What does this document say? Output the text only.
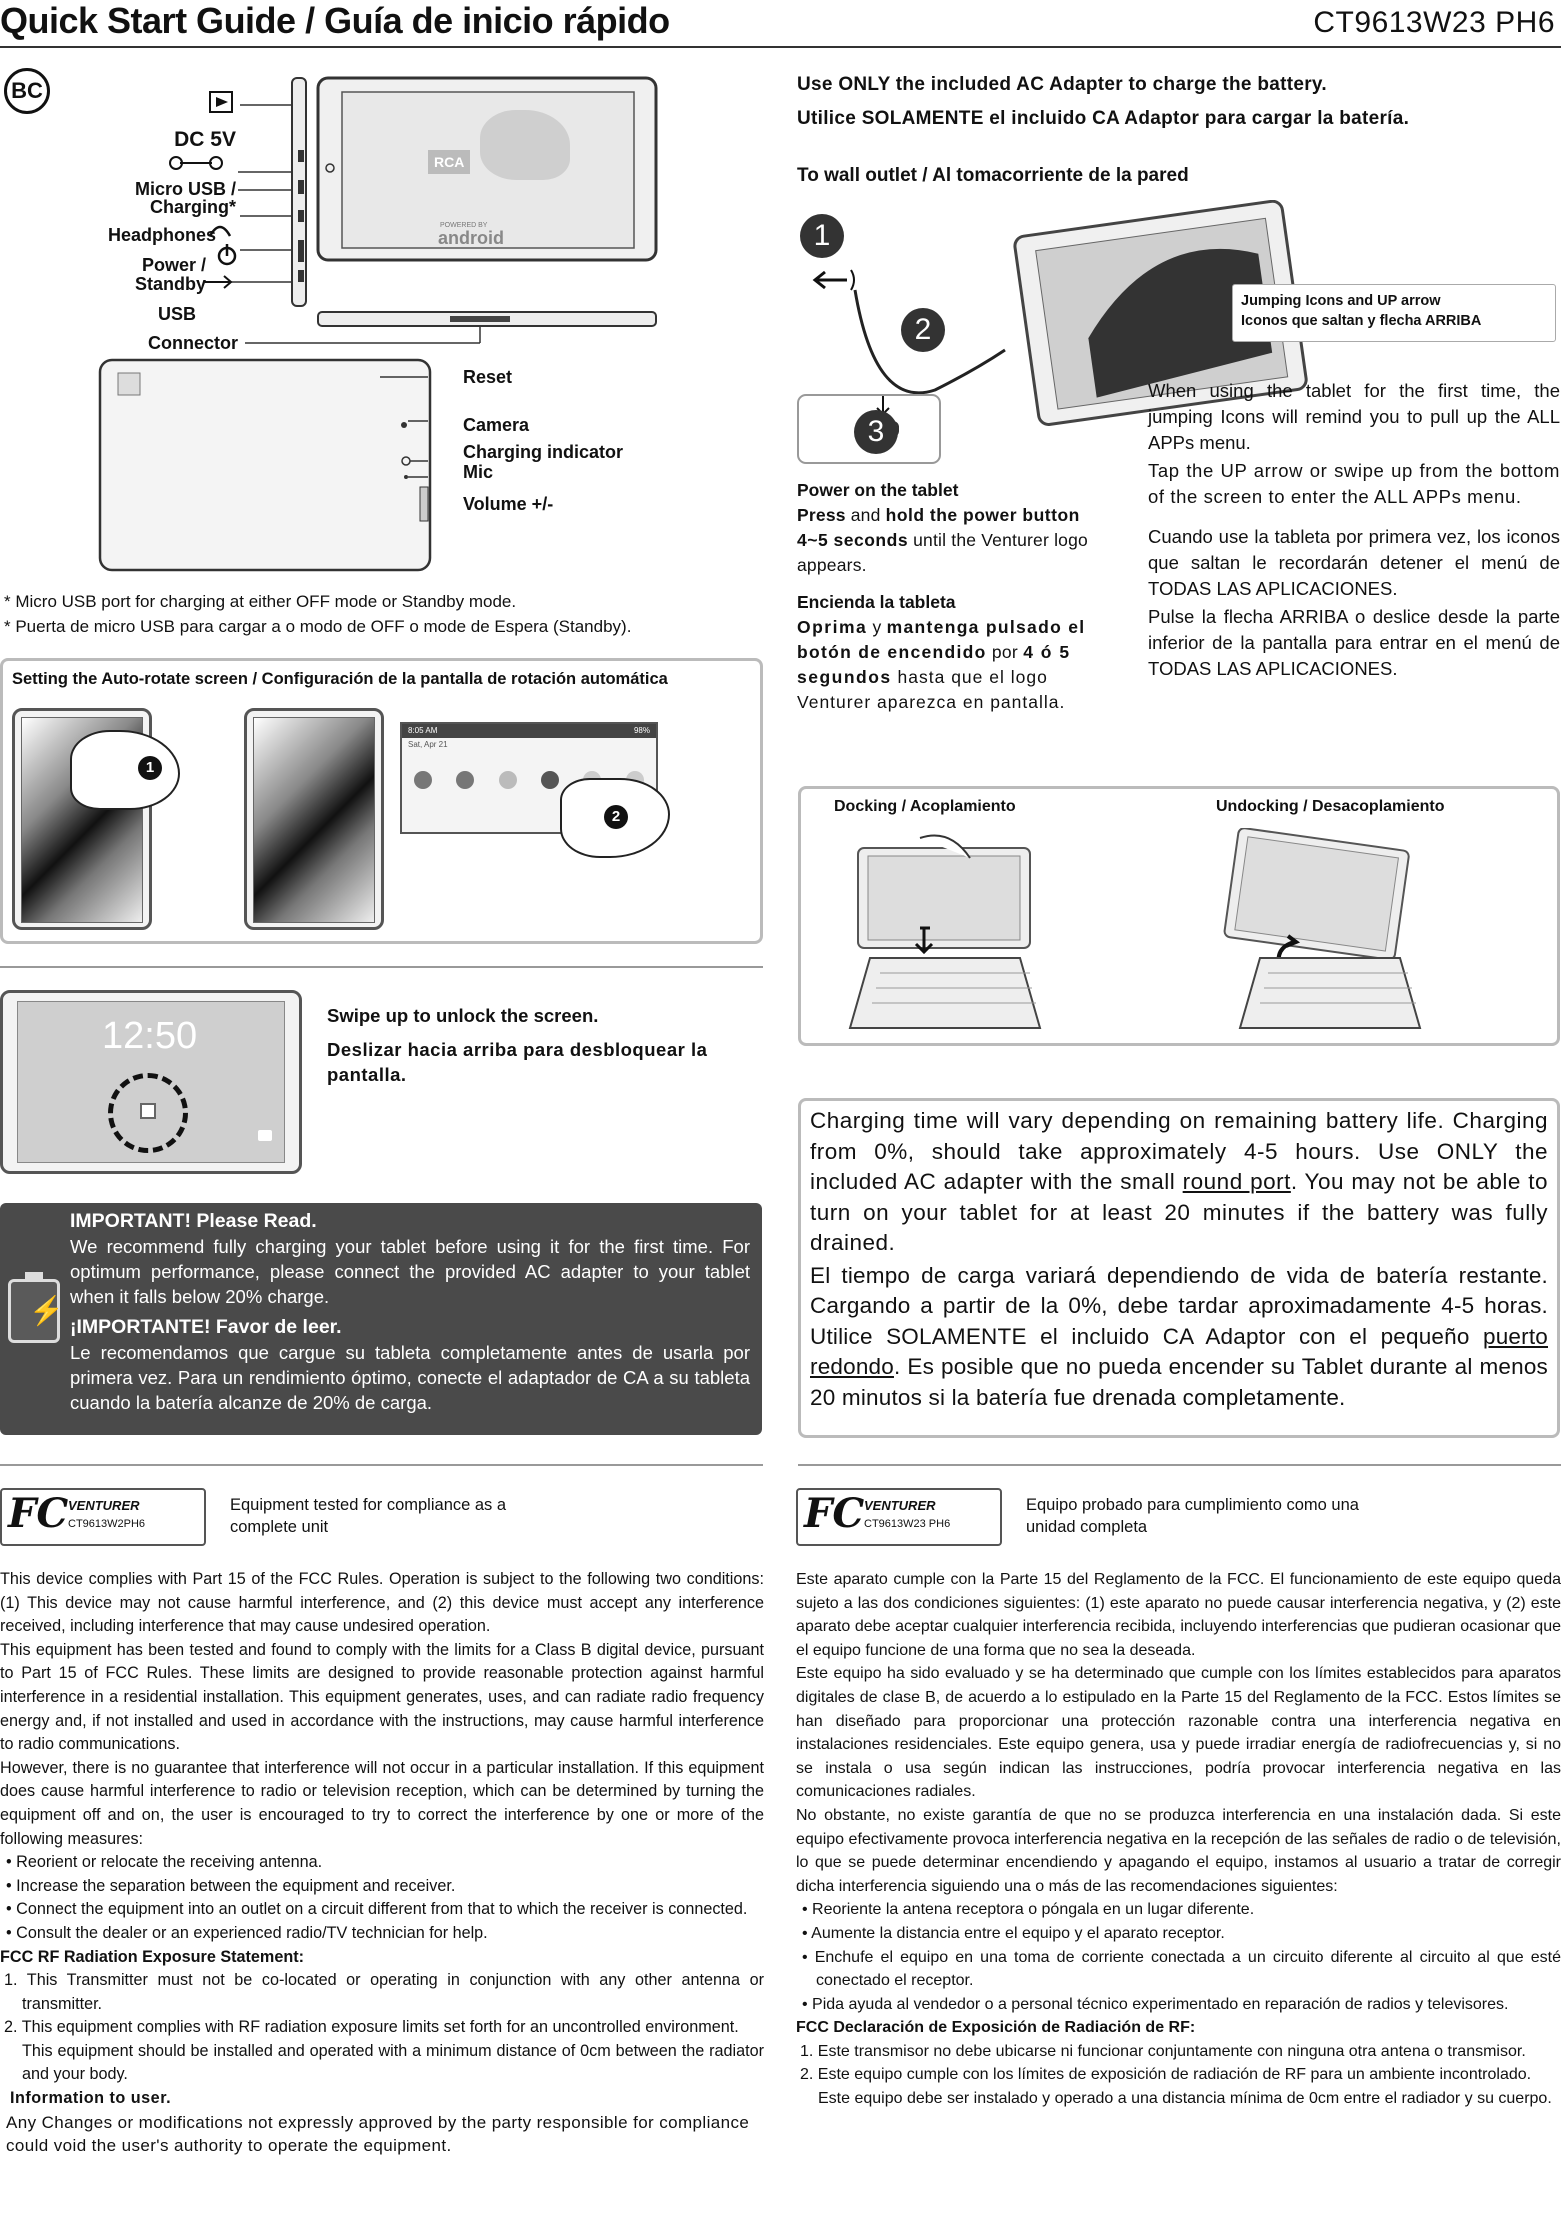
Quick Start Guide / Guía de inicio rápido	CT9613W23 PH6
BC
RCA
POWERED BY
android
DC 5V
Micro USB /
Charging*
Headphones
Power /
Standby
USB
Connector
Reset
Camera
Charging indicator
Mic
Volume +/-
* Micro USB port for charging at either OFF mode or Standby mode.
* Puerta de micro USB para cargar a o modo de OFF o mode de Espera (Standby).
Setting the Auto-rotate screen / Configuración de la pantalla de rotación automática
1
8:05 AM	98%
Sat, Apr 21
2
12:50	Swipe up to unlock the screen.
Deslizar hacia arriba para desbloquear la pantalla.
⚡
IMPORTANT! Please Read.
We recommend fully charging your tablet before using it for the first time. For optimum performance, please connect the provided AC adapter to your tablet when it falls below 20% charge.
¡IMPORTANTE! Favor de leer.
Le recomendamos que cargue su tableta completamente antes de usarla por primera vez. Para un rendimiento óptimo, conecte el adaptador de CA a su tableta cuando la batería alcanze de 20% de carga.
Use ONLY the included AC Adapter to charge the battery.
Utilice SOLAMENTE el incluido CA Adaptor para cargar la batería.
To wall outlet / Al tomacorriente de la pared
1
2
3
Jumping Icons and UP arrow
Iconos que saltan y flecha ARRIBA
Power on the tablet
Press and hold the power button 4~5 seconds until the Venturer logo appears.
Encienda la tableta
Oprima y mantenga pulsado el botón de encendido por 4 ó 5 segundos hasta que el logo Venturer aparezca en pantalla.
When using the tablet for the first time, the jumping Icons will remind you to pull up the ALL APPs menu.
Tap the UP arrow or swipe up from the bottom of the screen to enter the ALL APPs menu.
Cuando use la tableta por primera vez, los iconos que saltan le recordarán detener el menú de TODAS LAS APLICACIONES.
Pulse la flecha ARRIBA o deslice desde la parte inferior de la pantalla para entrar en el menú de TODAS LAS APLICACIONES.
Docking / Acoplamiento	Undocking / Desacoplamiento
Charging time will vary depending on remaining battery life. Charging from 0%, should take approximately 4-5 hours. Use ONLY the included AC adapter with the small round port. You may not be able to turn on your tablet for at least 20 minutes if the battery was fully drained.
El tiempo de carga variará dependiendo de vida de batería restante. Cargando a partir de la 0%, debe tardar aproximadamente 4-5 horas. Utilice SOLAMENTE el incluido CA Adaptor con el pequeño puerto redondo. Es posible que no pueda encender su Tablet durante al menos 20 minutos si la batería fue drenada completamente.
FC VENTURER
CT9613W2PH6
Equipment tested for compliance as a complete unit	FC VENTURER
CT9613W23 PH6
Equipo probado para cumplimiento como una unidad completa

This device complies with Part 15 of the FCC Rules. Operation is subject to the following two conditions: (1) This device may not cause harmful interference, and (2) this device must accept any interference received, including interference that may cause undesired operation.

This equipment has been tested and found to comply with the limits for a Class B digital device, pursuant to Part 15 of FCC Rules. These limits are designed to provide reasonable protection against harmful interference in a residential installation. This equipment generates, uses, and can radiate radio frequency energy and, if not installed and used in accordance with the instructions, may cause harmful interference to radio communications.

However, there is no guarantee that interference will not occur in a particular installation. If this equipment does cause harmful interference to radio or television reception, which can be determined by turning the equipment off and on, the user is encouraged to try to correct the interference by one or more of the following measures:

• Reorient or relocate the receiving antenna.

• Increase the separation between the equipment and receiver.

• Connect the equipment into an outlet on a circuit different from that to which the receiver is connected.

• Consult the dealer or an experienced radio/TV technician for help.

FCC RF Radiation Exposure Statement:

1. This Transmitter must not be co-located or operating in conjunction with any other antenna or transmitter.

2. This equipment complies with RF radiation exposure limits set forth for an uncontrolled environment.

This equipment should be installed and operated with a minimum distance of 0cm between the radiator and your body.

Information to user.

Any Changes or modifications not expressly approved by the party responsible for compliance could void the user's authority to operate the equipment.

Este aparato cumple con la Parte 15 del Reglamento de la FCC. El funcionamiento de este equipo queda sujeto a las dos condiciones siguientes: (1) este aparato no puede causar interferencia negativa, y (2) este aparato debe aceptar cualquier interferencia recibida, incluyendo interferencias que pudieran ocasionar que el equipo funcione de una forma que no sea la deseada.

Este equipo ha sido evaluado y se ha determinado que cumple con los límites establecidos para aparatos digitales de clase B, de acuerdo a lo estipulado en la Parte 15 del Reglamento de la FCC. Estos límites se han diseñado para proporcionar una protección razonable contra una interferencia negativa en instalaciones residenciales. Este equipo genera, usa y puede irradiar energía de radiofrecuencias y, si no se instala o usa según indican las instrucciones, podría provocar interferencia negativa en las comunicaciones radiales.

No obstante, no existe garantía de que no se produzca interferencia en una instalación dada. Si este equipo efectivamente provoca interferencia negativa en la recepción de las señales de radio o de televisión, lo que se puede determinar encendiendo y apagando el equipo, instamos al usuario a tratar de corregir dicha interferencia siguiendo una o más de las recomendaciones siguientes:

• Reoriente la antena receptora o póngala en un lugar diferente.

• Aumente la distancia entre el equipo y el aparato receptor.

• Enchufe el equipo en una toma de corriente conectada a un circuito diferente al circuito al que esté conectado el receptor.

• Pida ayuda al vendedor o a personal técnico experimentado en reparación de radios y televisores.

FCC Declaración de Exposición de Radiación de RF:

1. Este transmisor no debe ubicarse ni funcionar conjuntamente con ninguna otra antena o transmisor.

2. Este equipo cumple con los límites de exposición de radiación de RF para un ambiente incontrolado.

Este equipo debe ser instalado y operado a una distancia mínima de 0cm entre el radiador y su cuerpo.
